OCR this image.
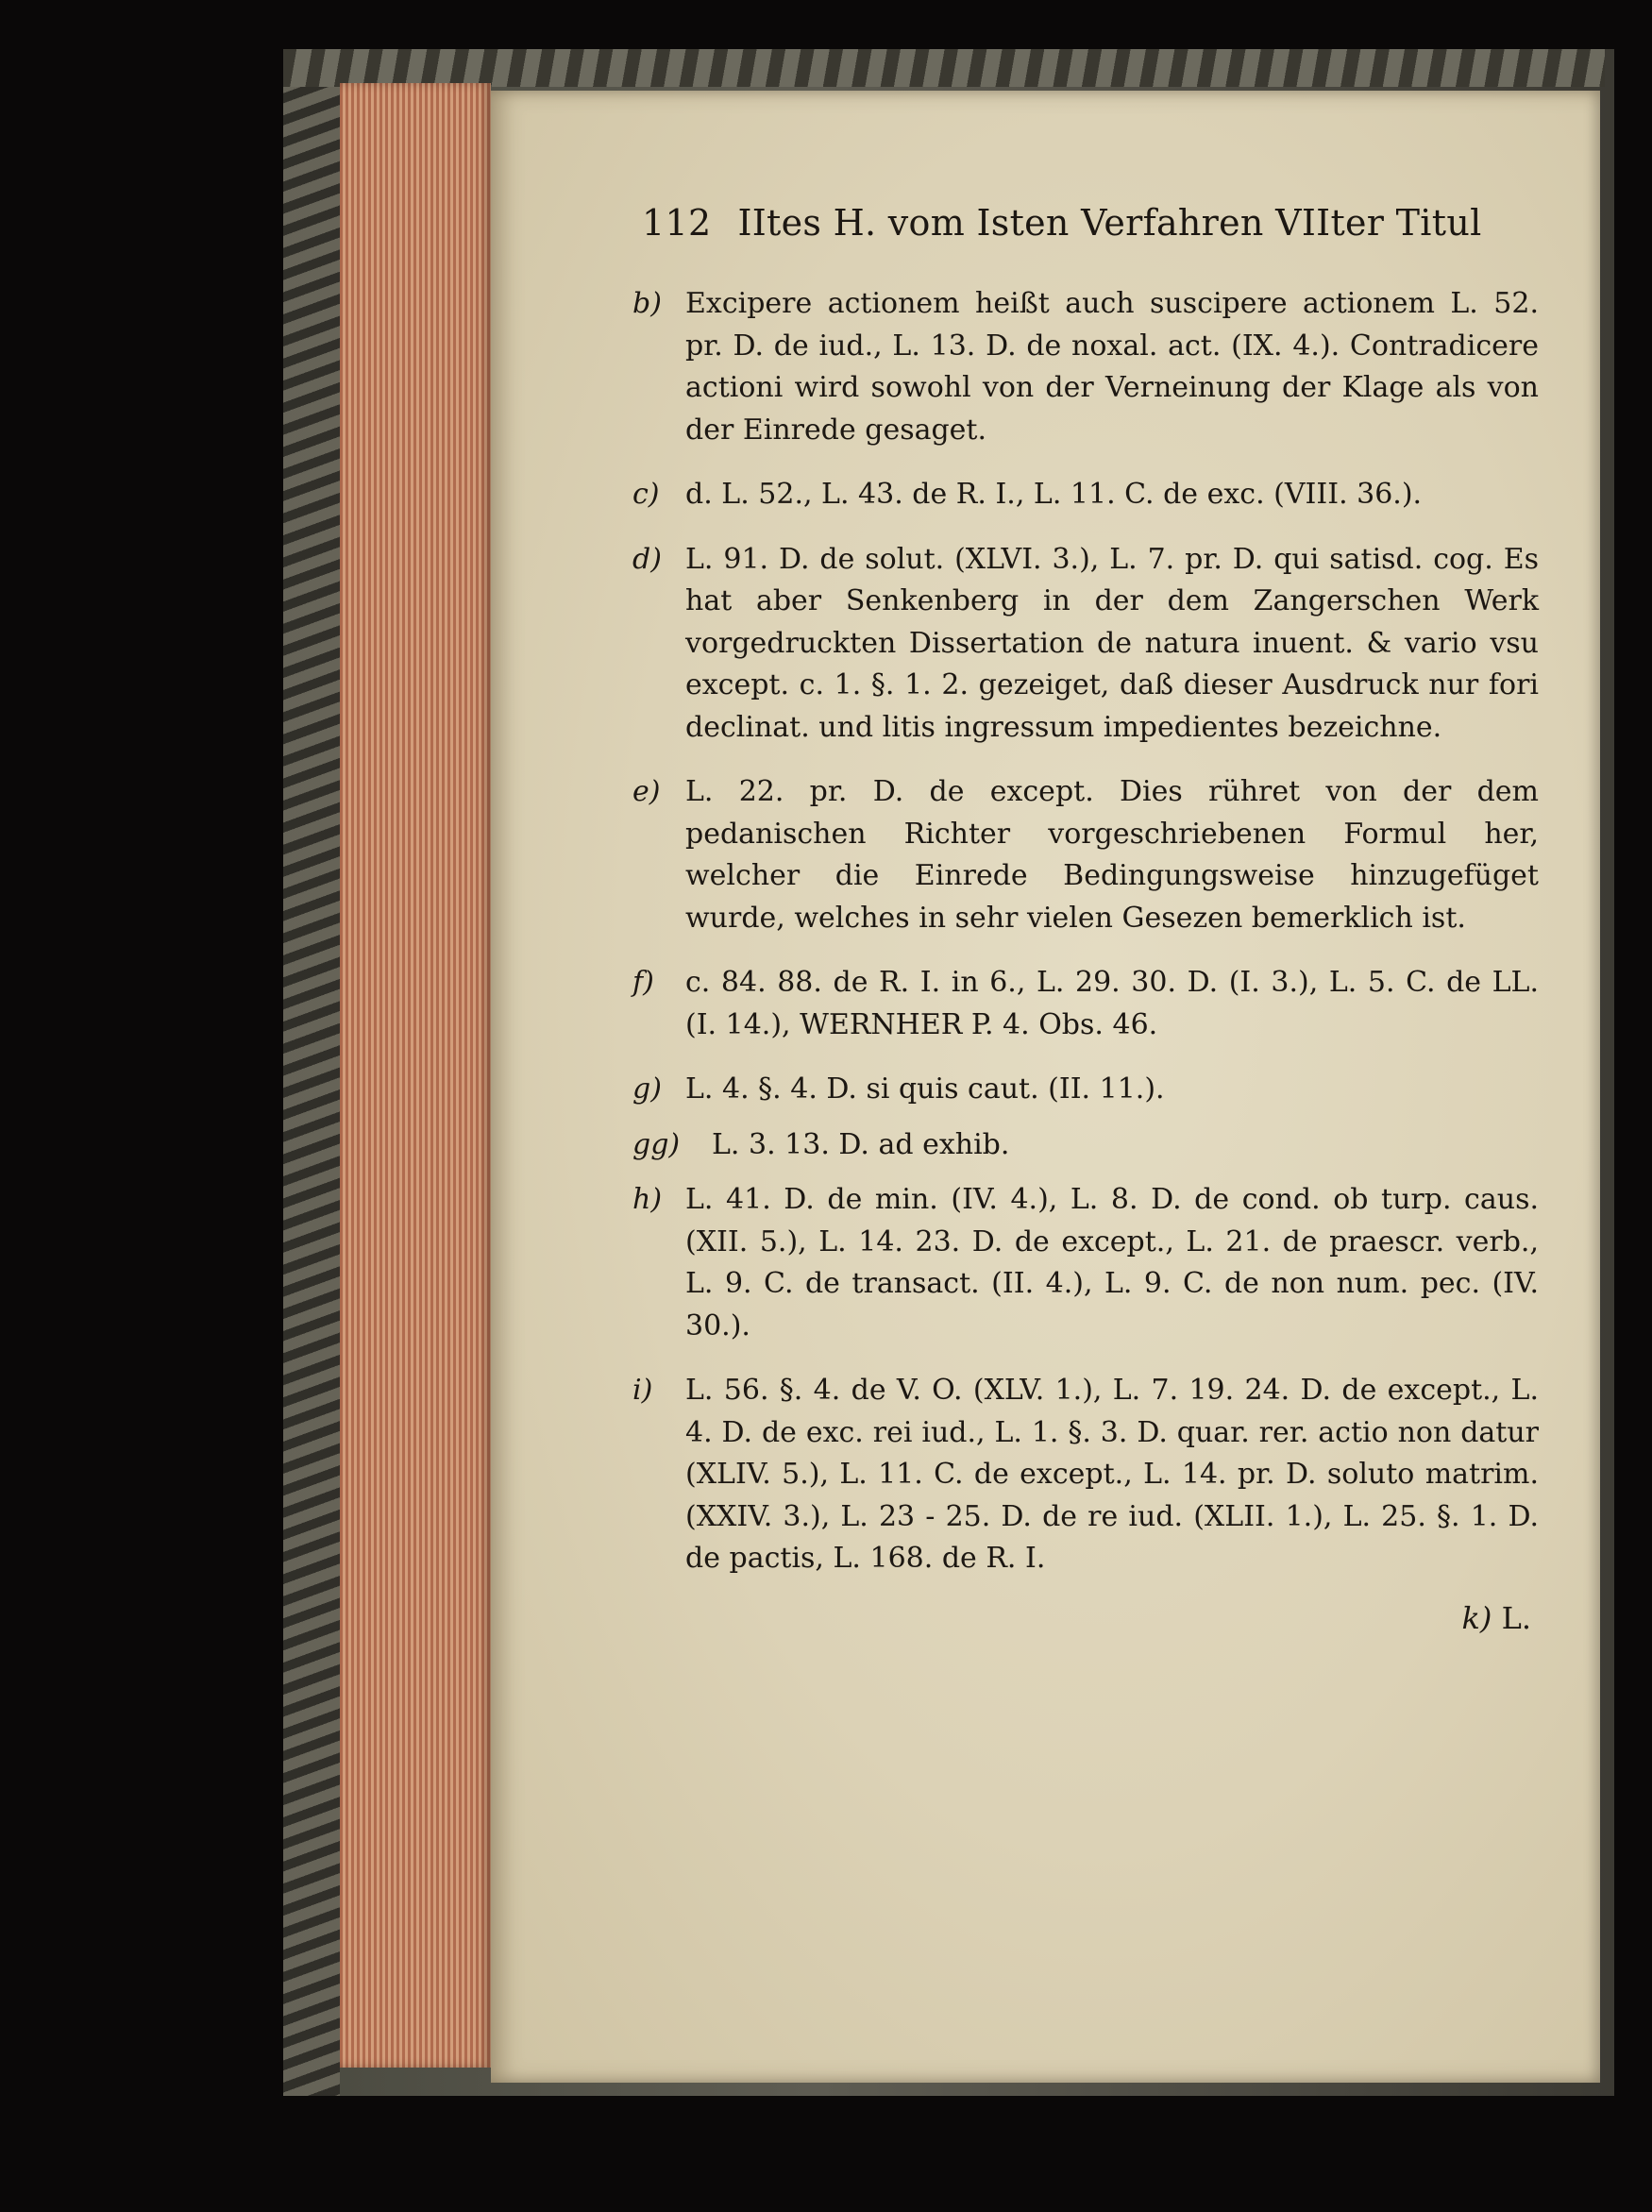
112 IItes H. vom Isten Verfahren VIIter Titul
b) Excipere actionem heißt auch suscipere actionem L. 52. pr. D. de iud., L. 13. D. de noxal. act. (IX. 4.). Contradicere actioni wird sowohl von der Verneinung der Klage als von der Einrede gesaget.
c) d. L. 52., L. 43. de R. I., L. 11. C. de exc. (VIII. 36.).
d) L. 91. D. de solut. (XLVI. 3.), L. 7. pr. D. qui satisd. cog. Es hat aber Senkenberg in der dem Zangerschen Werk vorgedruckten Dissertation de natura inuent. & vario vsu except. c. 1. §. 1. 2. gezeiget, daß dieser Ausdruck nur fori declinat. und litis ingressum impedientes bezeichne.
e) L. 22. pr. D. de except. Dies rühret von der dem pedanischen Richter vorgeschriebenen Formul her, welcher die Einrede Bedingungsweise hinzugefüget wurde, welches in sehr vielen Gesezen bemerklich ist.
f) c. 84. 88. de R. I. in 6., L. 29. 30. D. (I. 3.), L. 5. C. de LL. (I. 14.), WERNHER P. 4. Obs. 46.
g) L. 4. §. 4. D. si quis caut. (II. 11.).
gg) L. 3. 13. D. ad exhib.
h) L. 41. D. de min. (IV. 4.), L. 8. D. de cond. ob turp. caus. (XII. 5.), L. 14. 23. D. de except., L. 21. de praescr. verb., L. 9. C. de transact. (II. 4.), L. 9. C. de non num. pec. (IV. 30.).
i) L. 56. §. 4. de V. O. (XLV. 1.), L. 7. 19. 24. D. de except., L. 4. D. de exc. rei iud., L. 1. §. 3. D. quar. rer. actio non datur (XLIV. 5.), L. 11. C. de except., L. 14. pr. D. soluto matrim. (XXIV. 3.), L. 23 - 25. D. de re iud. (XLII. 1.), L. 25. §. 1. D. de pactis, L. 168. de R. I.
k) L.
